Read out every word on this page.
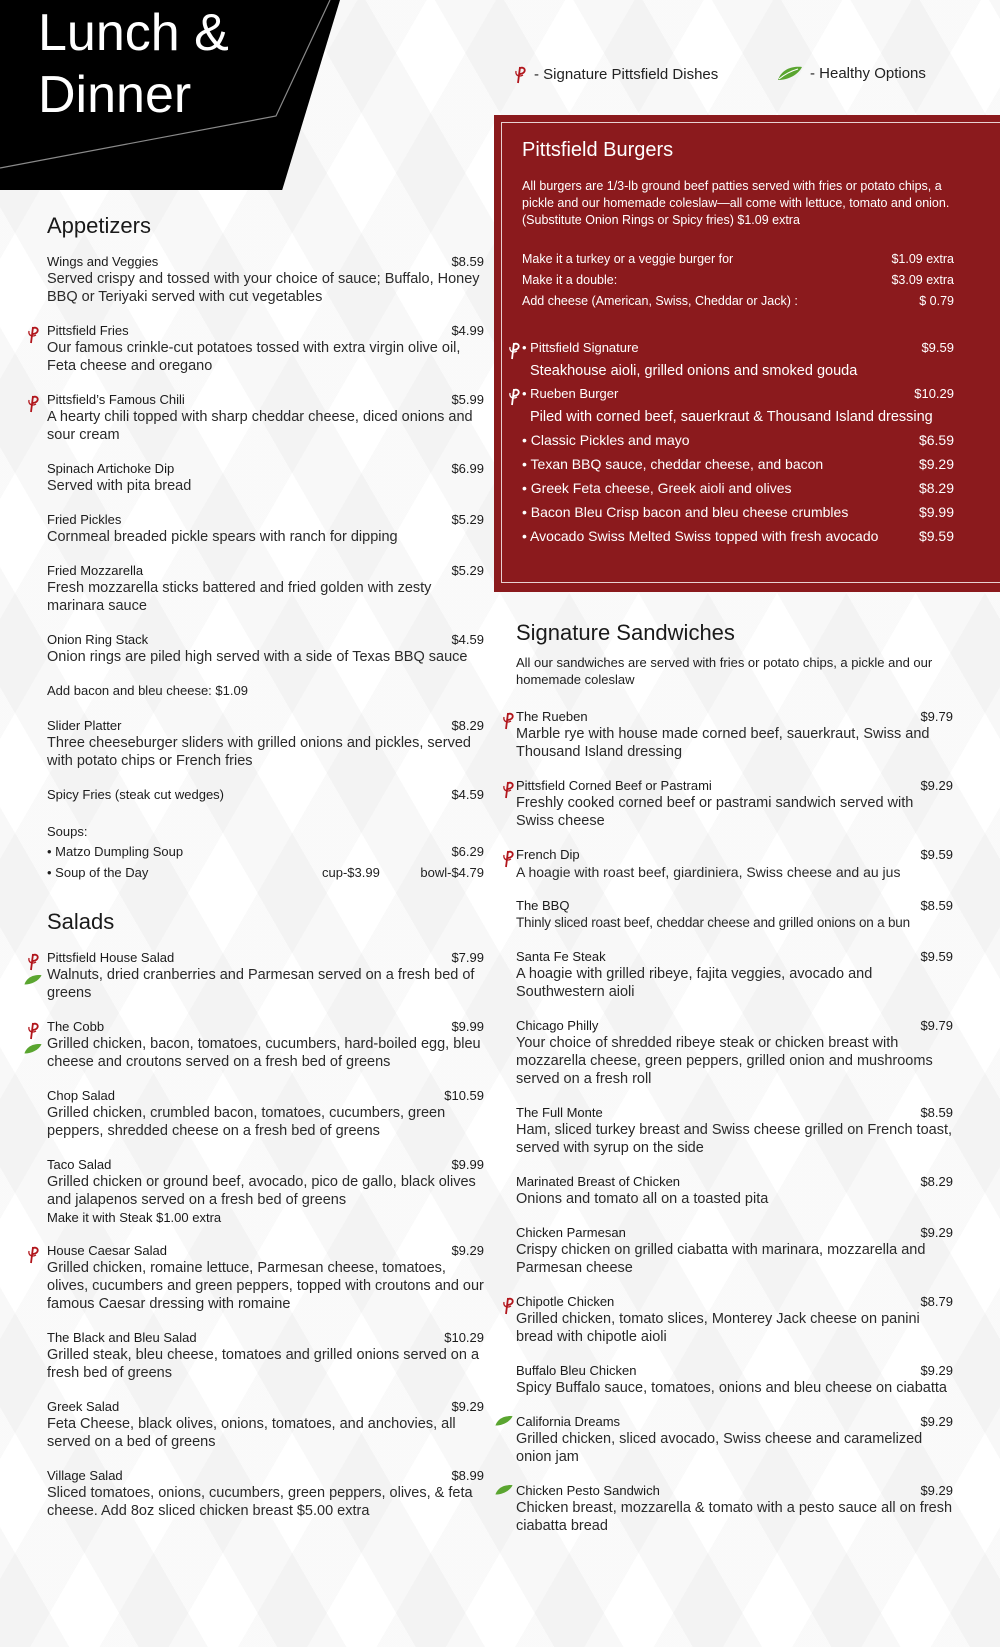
Lunch &
Dinner	- Signature Pittsfield Dishes	- Healthy Options
Appetizers
Wings and Veggies	$8.59
Served crispy and tossed with your choice of sauce; Buffalo, Honey BBQ or Teriyaki served with cut vegetables
Pittsfield Fries	$4.99
Our famous crinkle-cut potatoes tossed with extra virgin olive oil, Feta cheese and oregano
Pittsfield’s Famous Chili	$5.99
A hearty chili topped with sharp cheddar cheese, diced onions and sour cream
Spinach Artichoke Dip	$6.99
Served with pita bread
Fried Pickles	$5.29
Cornmeal breaded pickle spears with ranch for dipping
Fried Mozzarella	$5.29
Fresh mozzarella sticks battered and fried golden with zesty marinara sauce
Onion Ring Stack	$4.59
Onion rings are piled high served with a side of Texas BBQ sauce
Add bacon and bleu cheese: $1.09
Slider Platter	$8.29
Three cheeseburger sliders with grilled onions and pickles, served with potato chips or French fries
Spicy Fries (steak cut wedges)	$4.59
Soups:
• Matzo Dumpling Soup	$6.29
• Soup of the Day	cup-$3.99	bowl-$4.79
Salads
Pittsfield House Salad	$7.99
Walnuts, dried cranberries and Parmesan served on a fresh bed of greens
The Cobb	$9.99
Grilled chicken, bacon, tomatoes, cucumbers, hard-boiled egg, bleu cheese and croutons served on a fresh bed of greens
Chop Salad	$10.59
Grilled chicken, crumbled bacon, tomatoes, cucumbers, green peppers, shredded cheese on a fresh bed of greens
Taco Salad	$9.99
Grilled chicken or ground beef, avocado, pico de gallo, black olives and jalapenos served on a fresh bed of greens
Make it with Steak $1.00 extra
House Caesar Salad	$9.29
Grilled chicken, romaine lettuce, Parmesan cheese, tomatoes, olives, cucumbers and green peppers, topped with croutons and our famous Caesar dressing with romaine
The Black and Bleu Salad	$10.29
Grilled steak, bleu cheese, tomatoes and grilled onions served on a fresh bed of greens
Greek Salad	$9.29
Feta Cheese, black olives, onions, tomatoes, and anchovies, all served on a bed of greens
Village Salad	$8.99
Sliced tomatoes, onions, cucumbers, green peppers, olives, & feta cheese. Add 8oz sliced chicken breast $5.00 extra
Pittsfield Burgers
All burgers are 1/3-lb ground beef patties served with fries or potato chips, a pickle and our homemade coleslaw—all come with lettuce, tomato and onion. (Substitute Onion Rings or Spicy fries) $1.09 extra
Make it a turkey or a veggie burger for	$1.09 extra
Make it a double:	$3.09 extra
Add cheese (American, Swiss, Cheddar or Jack) :	$ 0.79
• Pittsfield Signature	$9.59
Steakhouse aioli, grilled onions and smoked gouda
• Rueben Burger	$10.29
Piled with corned beef, sauerkraut & Thousand Island dressing
• Classic Pickles and mayo	$6.59
• Texan BBQ sauce, cheddar cheese, and bacon	$9.29
• Greek Feta cheese, Greek aioli and olives	$8.29
• Bacon Bleu Crisp bacon and bleu cheese crumbles	$9.99
• Avocado Swiss Melted Swiss topped with fresh avocado	$9.59
Signature Sandwiches
All our sandwiches are served with fries or potato chips, a pickle and our homemade coleslaw
The Rueben	$9.79
Marble rye with house made corned beef, sauerkraut, Swiss and Thousand Island dressing
Pittsfield Corned Beef or Pastrami	$9.29
Freshly cooked corned beef or pastrami sandwich served with Swiss cheese
French Dip	$9.59
A hoagie with roast beef, giardiniera, Swiss cheese and au jus
The BBQ	$8.59
Thinly sliced roast beef, cheddar cheese and grilled onions on a bun
Santa Fe Steak	$9.59
A hoagie with grilled ribeye, fajita veggies, avocado and Southwestern aioli
Chicago Philly	$9.79
Your choice of shredded ribeye steak or chicken breast with mozzarella cheese, green peppers, grilled onion and mushrooms served on a fresh roll
The Full Monte	$8.59
Ham, sliced turkey breast and Swiss cheese grilled on French toast, served with syrup on the side
Marinated Breast of Chicken	$8.29
Onions and tomato all on a toasted pita
Chicken Parmesan	$9.29
Crispy chicken on grilled ciabatta with marinara, mozzarella and Parmesan cheese
Chipotle Chicken	$8.79
Grilled chicken, tomato slices, Monterey Jack cheese on panini bread with chipotle aioli
Buffalo Bleu Chicken	$9.29
Spicy Buffalo sauce, tomatoes, onions and bleu cheese on ciabatta
California Dreams	$9.29
Grilled chicken, sliced avocado, Swiss cheese and caramelized onion jam
Chicken Pesto Sandwich	$9.29
Chicken breast, mozzarella & tomato with a pesto sauce all on fresh ciabatta bread
